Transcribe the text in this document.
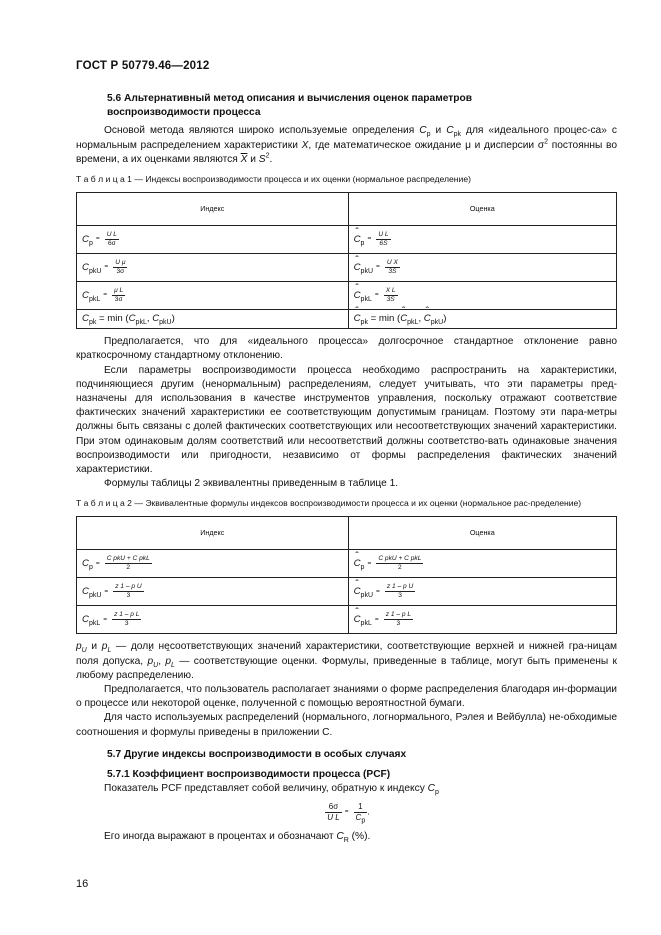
ГОСТ Р 50779.46—2012

5.6 Альтернативный метод описания и вычисления оценок параметров

воспроизводимости процесса

Основой метода являются широко используемые определения $C_p$ и $C_{pk}$ для «идеального процес-са» с нормальным распределением характеристики X, где математическое ожидание μ и дисперсии $\sigma^2$ постоянны во времени, а их оценками являются $\overline{X}$ и $S^2$.

Т а б л и ц а 1 — Индексы воспроизводимости процесса и их оценки (нормальное распределение)

Индекс	Оценка
$C_p= \frac{\text{U L}}{6\sigma}$	ˆ $C_p= \frac{\text{U L}}{6S}$

$C_{pkU}= \frac{\text{U μ}}{3\sigma}$	ˆ $C_{pkU}= \frac{\text{U X}}{3S}$

$C_{pkL}= \frac{\text{μ L}}{3\sigma}$	ˆ $C_{pkL}= \frac{\text{X L}}{3S}$

$C_{pk} = \min (C_{pkL}$, $C_{pkU}$)	ˆ $C_{pk} = \min$ (ˆ $C_{pkL}$, ˆ $C_{pkU}$)

Предполагается, что для «идеального процесса» долгосрочное стандартное отклонение равно краткосрочному стандартному отклонению.

Если параметры воспроизводимости процесса необходимо распространить на характеристики, подчиняющиеся другим (ненормальным) распределениям, следует учитывать, что эти параметры пред-назначены для использования в качестве инструментов управления, поскольку отражают соответствие фактических значений характеристики ее соответствующим допустимым границам. Поэтому эти пара-метры должны быть связаны с долей фактических соответствующих или несоответствующих значений характеристики. При этом одинаковым долям соответствий или несоответствий должны соответство-вать одинаковые значения воспроизводимости или пригодности, независимо от формы распределения фактических значений характеристики.

Формулы таблицы 2 эквивалентны приведенным в таблице 1.

Т а б л и ц а 2 — Эквивалентные формулы индексов воспроизводимости процесса и их оценки (нормальное рас-пределение)

Индекс	Оценка
$C_p= \frac{\text{C pkU + C pkL}}{2}$	ˆ $C_p= \frac{\text{C pkU + C pkL}}{2}$

$C_{pkU}= \frac{\text{z 1 – p U}}{3}$	ˆ $C_{pkU}= \frac{\text{z 1 – p U}}{3}$

$C_{pkL}= \frac{\text{z 1 – p L}}{3}$	ˆ $C_{pkL}= \frac{\text{z 1 – p L}}{3}$

$p_U$ и $p_L$ — доли несоответствующих значений характеристики, соответствующие верхней и нижней гра-ницам поля допуска, ˆ $p_U$, ˆ $p_L$ — соответствующие оценки. Формулы, приведенные в таблице, могут быть применены к любому распределению.

Предполагается, что пользователь располагает знаниями о форме распределения благодаря ин-формации о процессе или некоторой оценке, полученной с помощью вероятностной бумаги.

Для часто используемых распределений (нормального, логнормального, Рэлея и Вейбулла) не-обходимые соотношения и формулы приведены в приложении С.

5.7 Другие индексы воспроизводимости в особых случаях

5.7.1 Коэффициент воспроизводимости процесса (PCF)

Показатель PCF представляет собой величину, обратную к индексу $C_p$

$\frac{6\sigma}{\text{U L}} = \frac{1}{C_p}$ .

Его иногда выражают в процентах и обозначают $C_R$ (%).

16
